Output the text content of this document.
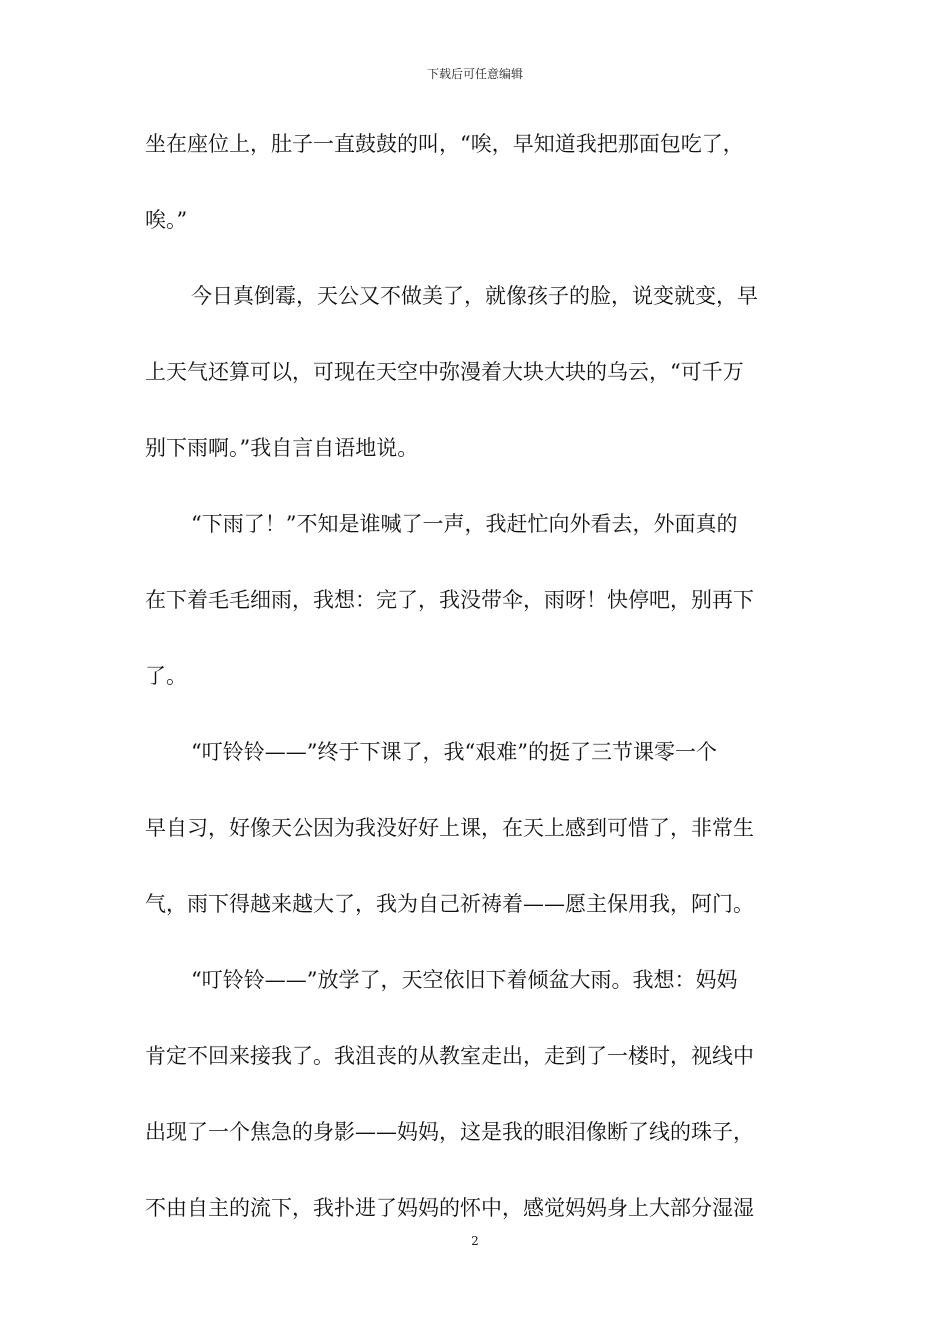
下载后可任意编辑
坐在座位上，肚子一直鼓鼓的叫，“唉，早知道我把那面包吃了，
唉。”
今日真倒霉，天公又不做美了，就像孩子的脸，说变就变，早
上天气还算可以，可现在天空中弥漫着大块大块的乌云，“可千万
别下雨啊。”我自言自语地说。
“下雨了！”不知是谁喊了一声，我赶忙向外看去，外面真的
在下着毛毛细雨，我想：完了，我没带伞，雨呀！快停吧，别再下
了。
“叮铃铃——”终于下课了，我“艰难”的挺了三节课零一个
早自习，好像天公因为我没好好上课，在天上感到可惜了，非常生
气，雨下得越来越大了，我为自己祈祷着——愿主保用我，阿门。
“叮铃铃——”放学了，天空依旧下着倾盆大雨。我想：妈妈
肯定不回来接我了。我沮丧的从教室走出，走到了一楼时，视线中
出现了一个焦急的身影——妈妈，这是我的眼泪像断了线的珠子，
不由自主的流下，我扑进了妈妈的怀中，感觉妈妈身上大部分湿湿
2
